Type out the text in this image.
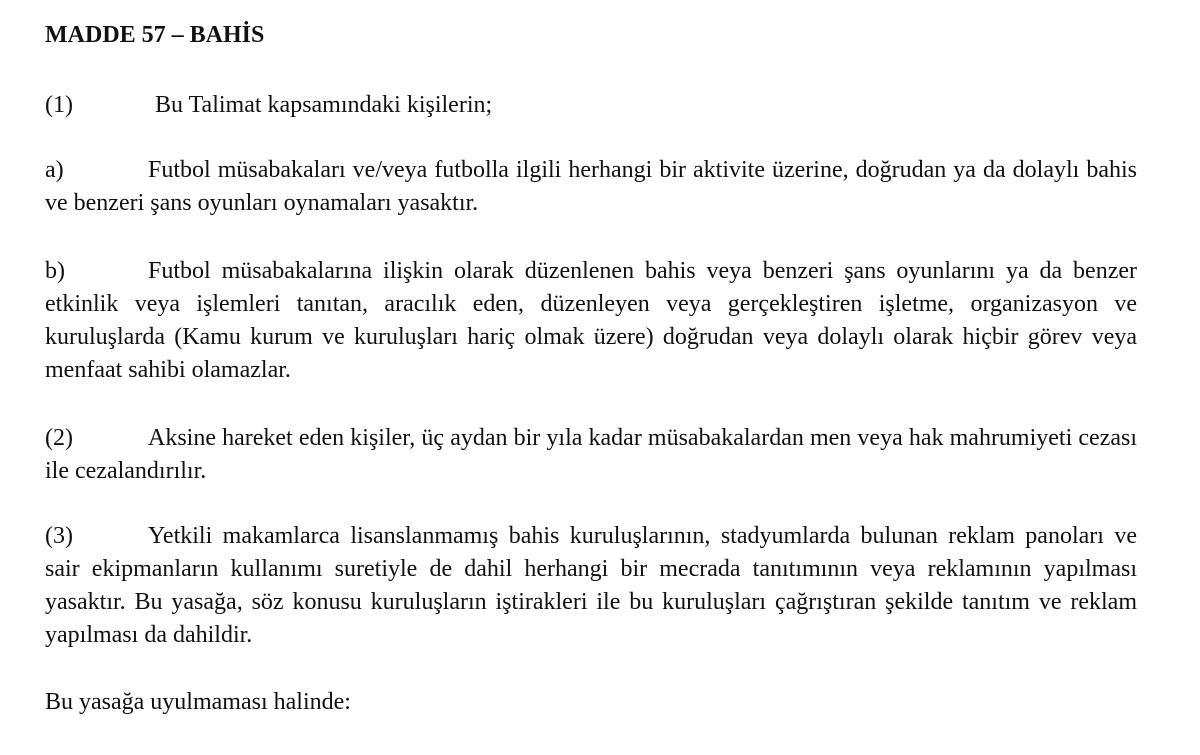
MADDE 57 – BAHİS
(1)	Bu Talimat kapsamındaki kişilerin;
a)	Futbol müsabakaları ve/veya futbolla ilgili herhangi bir aktivite üzerine, doğrudan ya da dolaylı bahis ve benzeri şans oyunları oynamaları yasaktır.
b)	Futbol müsabakalarına ilişkin olarak düzenlenen bahis veya benzeri şans oyunlarını ya da benzer etkinlik veya işlemleri tanıtan, aracılık eden, düzenleyen veya gerçekleştiren işletme, organizasyon ve kuruluşlarda (Kamu kurum ve kuruluşları hariç olmak üzere) doğrudan veya dolaylı olarak hiçbir görev veya menfaat sahibi olamazlar.
(2)	Aksine hareket eden kişiler, üç aydan bir yıla kadar müsabakalardan men veya hak mahrumiyeti cezası ile cezalandırılır.
(3)	Yetkili makamlarca lisanslanmamış bahis kuruluşlarının, stadyumlarda bulunan reklam panoları ve sair ekipmanların kullanımı suretiyle de dahil herhangi bir mecrada tanıtımının veya reklamının yapılması yasaktır. Bu yasağa, söz konusu kuruluşların iştirakleri ile bu kuruluşları çağrıştıran şekilde tanıtım ve reklam yapılması da dahildir.
Bu yasağa uyulmaması halinde:
